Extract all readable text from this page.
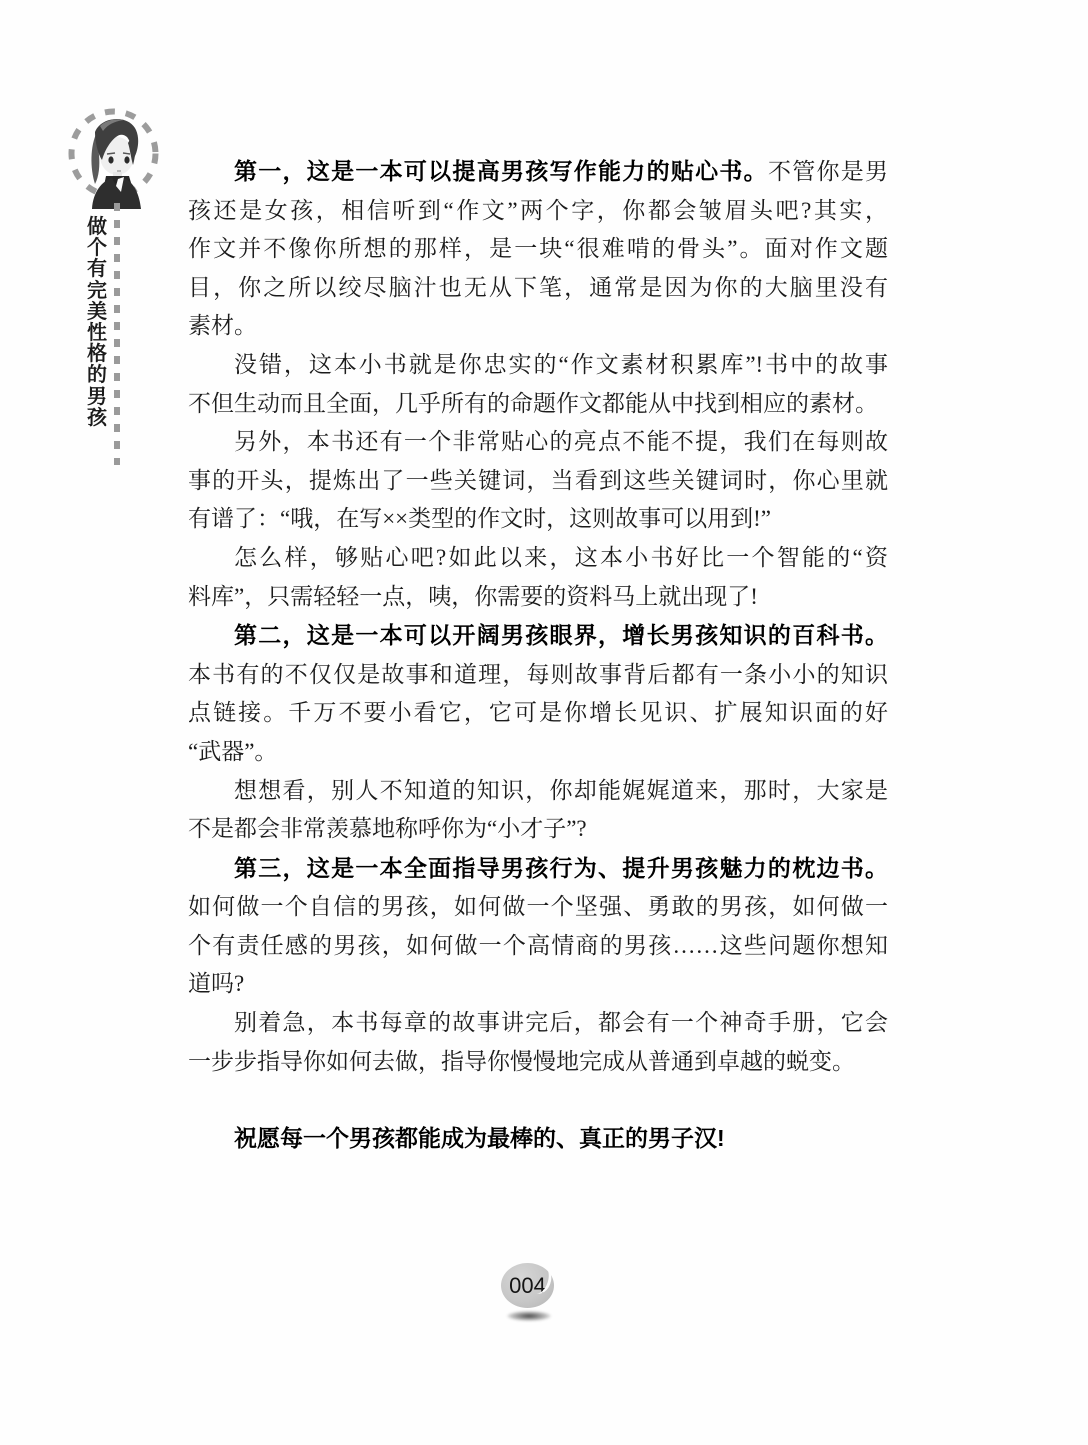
做
个
有
完
美
性
格
的
男
孩
第一，这是一本可以提高男孩写作能力的贴心书。不管你是男
孩还是女孩，相信听到“作文”两个字，你都会皱眉头吧?其实，
作文并不像你所想的那样，是一块“很难啃的骨头”。面对作文题
目，你之所以绞尽脑汁也无从下笔，通常是因为你的大脑里没有
素材。
没错，这本小书就是你忠实的“作文素材积累库”!书中的故事
不但生动而且全面，几乎所有的命题作文都能从中找到相应的素材。
另外，本书还有一个非常贴心的亮点不能不提，我们在每则故
事的开头，提炼出了一些关键词，当看到这些关键词时，你心里就
有谱了：“哦，在写××类型的作文时，这则故事可以用到!”
怎么样，够贴心吧?如此以来，这本小书好比一个智能的“资
料库”，只需轻轻一点，咦，你需要的资料马上就出现了!
第二，这是一本可以开阔男孩眼界，增长男孩知识的百科书。
本书有的不仅仅是故事和道理，每则故事背后都有一条小小的知识
点链接。千万不要小看它，它可是你增长见识、扩展知识面的好
“武器”。
想想看，别人不知道的知识，你却能娓娓道来，那时，大家是
不是都会非常羡慕地称呼你为“小才子”?
第三，这是一本全面指导男孩行为、提升男孩魅力的枕边书。
如何做一个自信的男孩，如何做一个坚强、勇敢的男孩，如何做一
个有责任感的男孩，如何做一个高情商的男孩……这些问题你想知
道吗?
别着急，本书每章的故事讲完后，都会有一个神奇手册，它会
一步步指导你如何去做，指导你慢慢地完成从普通到卓越的蜕变。
祝愿每一个男孩都能成为最棒的、真正的男子汉!
004
